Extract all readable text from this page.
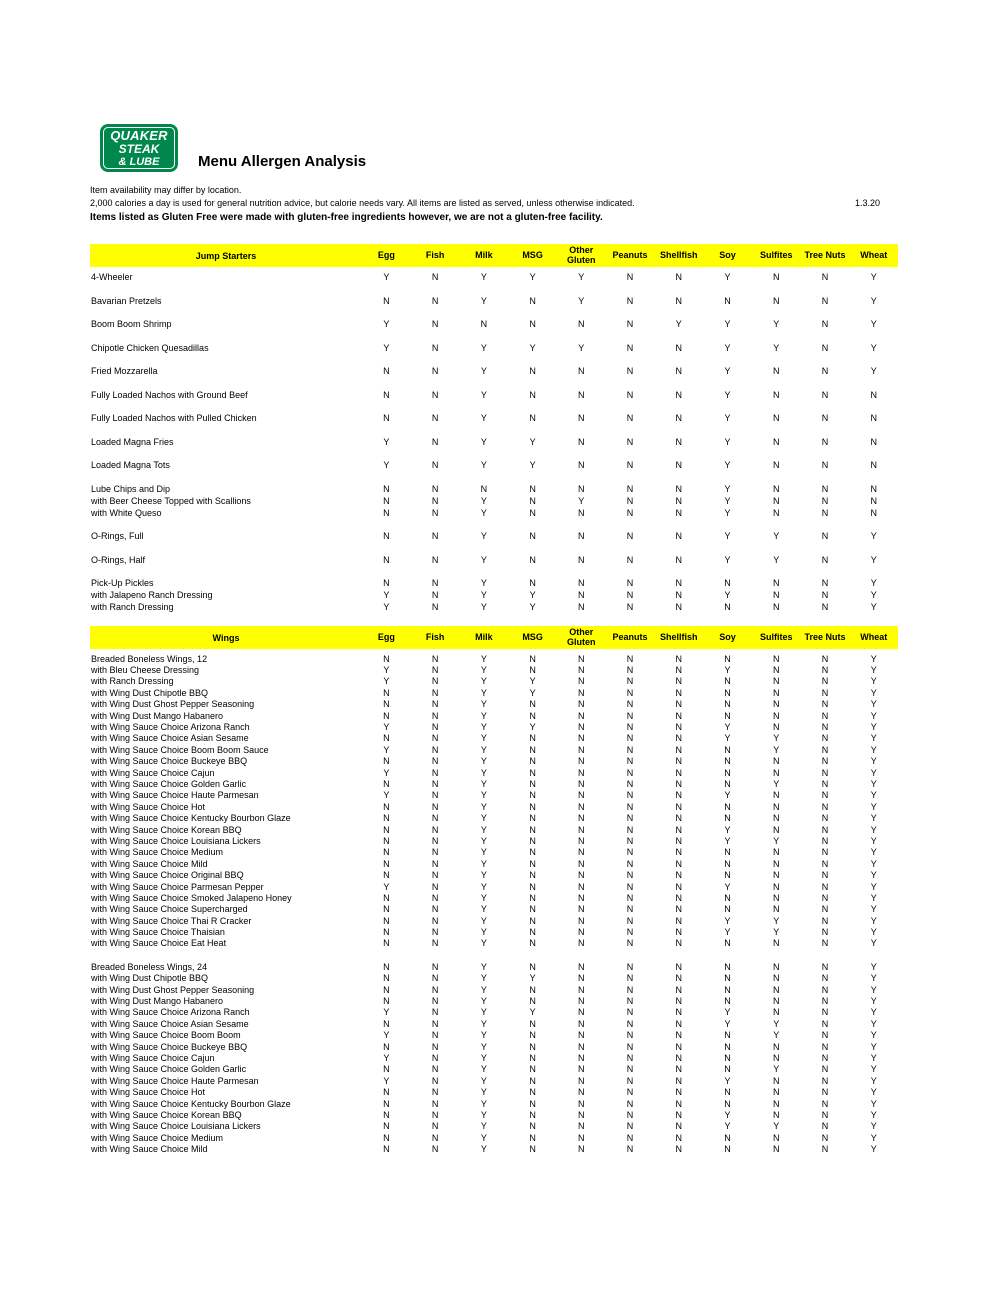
QUAKER
STEAK
& LUBE	Menu Allergen Analysis
Item availability may differ by location.
2,000 calories a day is used for general nutrition advice, but calorie needs vary. All items are listed as served, unless otherwise indicated.	1.3.20
Items listed as Gluten Free were made with gluten-free ingredients however, we are not a gluten-free facility.
Jump Starters	Egg	Fish	Milk	MSG	Other Gluten	Peanuts	Shellfish	Soy	Sulfites	Tree Nuts	Wheat
4-Wheeler	Y	N	Y	Y	Y	N	N	Y	N	N	Y
Bavarian Pretzels	N	N	Y	N	Y	N	N	N	N	N	Y
Boom Boom Shrimp	Y	N	N	N	N	N	Y	Y	Y	N	Y
Chipotle Chicken Quesadillas	Y	N	Y	Y	Y	N	N	Y	Y	N	Y
Fried Mozzarella	N	N	Y	N	N	N	N	Y	N	N	Y
Fully Loaded Nachos with Ground Beef	N	N	Y	N	N	N	N	Y	N	N	N
Fully Loaded Nachos with Pulled Chicken	N	N	Y	N	N	N	N	Y	N	N	N
Loaded Magna Fries	Y	N	Y	Y	N	N	N	Y	N	N	N
Loaded Magna Tots	Y	N	Y	Y	N	N	N	Y	N	N	N
Lube Chips and Dip	N	N	N	N	N	N	N	Y	N	N	N
with Beer Cheese Topped with Scallions	N	N	Y	N	Y	N	N	Y	N	N	N
with White Queso	N	N	Y	N	N	N	N	Y	N	N	N
O-Rings, Full	N	N	Y	N	N	N	N	Y	Y	N	Y
O-Rings, Half	N	N	Y	N	N	N	N	Y	Y	N	Y
Pick-Up Pickles	N	N	Y	N	N	N	N	N	N	N	Y
with Jalapeno Ranch Dressing	Y	N	Y	Y	N	N	N	Y	N	N	Y
with Ranch Dressing	Y	N	Y	Y	N	N	N	N	N	N	Y
Wings	Egg	Fish	Milk	MSG	Other Gluten	Peanuts	Shellfish	Soy	Sulfites	Tree Nuts	Wheat
Breaded Boneless Wings, 12	N	N	Y	N	N	N	N	N	N	N	Y
with Bleu Cheese Dressing	Y	N	Y	N	N	N	N	Y	N	N	Y
with Ranch Dressing	Y	N	Y	Y	N	N	N	N	N	N	Y
with Wing Dust Chipotle BBQ	N	N	Y	Y	N	N	N	N	N	N	Y
with Wing Dust Ghost Pepper Seasoning	N	N	Y	N	N	N	N	N	N	N	Y
with Wing Dust Mango Habanero	N	N	Y	N	N	N	N	N	N	N	Y
with Wing Sauce Choice Arizona Ranch	Y	N	Y	Y	N	N	N	Y	N	N	Y
with Wing Sauce Choice Asian Sesame	N	N	Y	N	N	N	N	Y	Y	N	Y
with Wing Sauce Choice Boom Boom Sauce	Y	N	Y	N	N	N	N	N	Y	N	Y
with Wing Sauce Choice Buckeye BBQ	N	N	Y	N	N	N	N	N	N	N	Y
with Wing Sauce Choice Cajun	Y	N	Y	N	N	N	N	N	N	N	Y
with Wing Sauce Choice Golden Garlic	N	N	Y	N	N	N	N	N	Y	N	Y
with Wing Sauce Choice Haute Parmesan	Y	N	Y	N	N	N	N	Y	N	N	Y
with Wing Sauce Choice Hot	N	N	Y	N	N	N	N	N	N	N	Y
with Wing Sauce Choice Kentucky Bourbon Glaze	N	N	Y	N	N	N	N	N	N	N	Y
with Wing Sauce Choice Korean BBQ	N	N	Y	N	N	N	N	Y	N	N	Y
with Wing Sauce Choice Louisiana Lickers	N	N	Y	N	N	N	N	Y	Y	N	Y
with Wing Sauce Choice Medium	N	N	Y	N	N	N	N	N	N	N	Y
with Wing Sauce Choice Mild	N	N	Y	N	N	N	N	N	N	N	Y
with Wing Sauce Choice Original BBQ	N	N	Y	N	N	N	N	N	N	N	Y
with Wing Sauce Choice Parmesan Pepper	Y	N	Y	N	N	N	N	Y	N	N	Y
with Wing Sauce Choice Smoked Jalapeno Honey	N	N	Y	N	N	N	N	N	N	N	Y
with Wing Sauce Choice Supercharged	N	N	Y	N	N	N	N	N	N	N	Y
with Wing Sauce Choice Thai R Cracker	N	N	Y	N	N	N	N	Y	Y	N	Y
with Wing Sauce Choice Thaisian	N	N	Y	N	N	N	N	Y	Y	N	Y
with Wing Sauce Choice Eat Heat	N	N	Y	N	N	N	N	N	N	N	Y
Breaded Boneless Wings, 24	N	N	Y	N	N	N	N	N	N	N	Y
with Wing Dust Chipotle BBQ	N	N	Y	Y	N	N	N	N	N	N	Y
with Wing Dust Ghost Pepper Seasoning	N	N	Y	N	N	N	N	N	N	N	Y
with Wing Dust Mango Habanero	N	N	Y	N	N	N	N	N	N	N	Y
with Wing Sauce Choice Arizona Ranch	Y	N	Y	Y	N	N	N	Y	N	N	Y
with Wing Sauce Choice Asian Sesame	N	N	Y	N	N	N	N	Y	Y	N	Y
with Wing Sauce Choice Boom Boom	Y	N	Y	N	N	N	N	N	Y	N	Y
with Wing Sauce Choice Buckeye BBQ	N	N	Y	N	N	N	N	N	N	N	Y
with Wing Sauce Choice Cajun	Y	N	Y	N	N	N	N	N	N	N	Y
with Wing Sauce Choice Golden Garlic	N	N	Y	N	N	N	N	N	Y	N	Y
with Wing Sauce Choice Haute Parmesan	Y	N	Y	N	N	N	N	Y	N	N	Y
with Wing Sauce Choice Hot	N	N	Y	N	N	N	N	N	N	N	Y
with Wing Sauce Choice Kentucky Bourbon Glaze	N	N	Y	N	N	N	N	N	N	N	Y
with Wing Sauce Choice Korean BBQ	N	N	Y	N	N	N	N	Y	N	N	Y
with Wing Sauce Choice Louisiana Lickers	N	N	Y	N	N	N	N	Y	Y	N	Y
with Wing Sauce Choice Medium	N	N	Y	N	N	N	N	N	N	N	Y
with Wing Sauce Choice Mild	N	N	Y	N	N	N	N	N	N	N	Y
